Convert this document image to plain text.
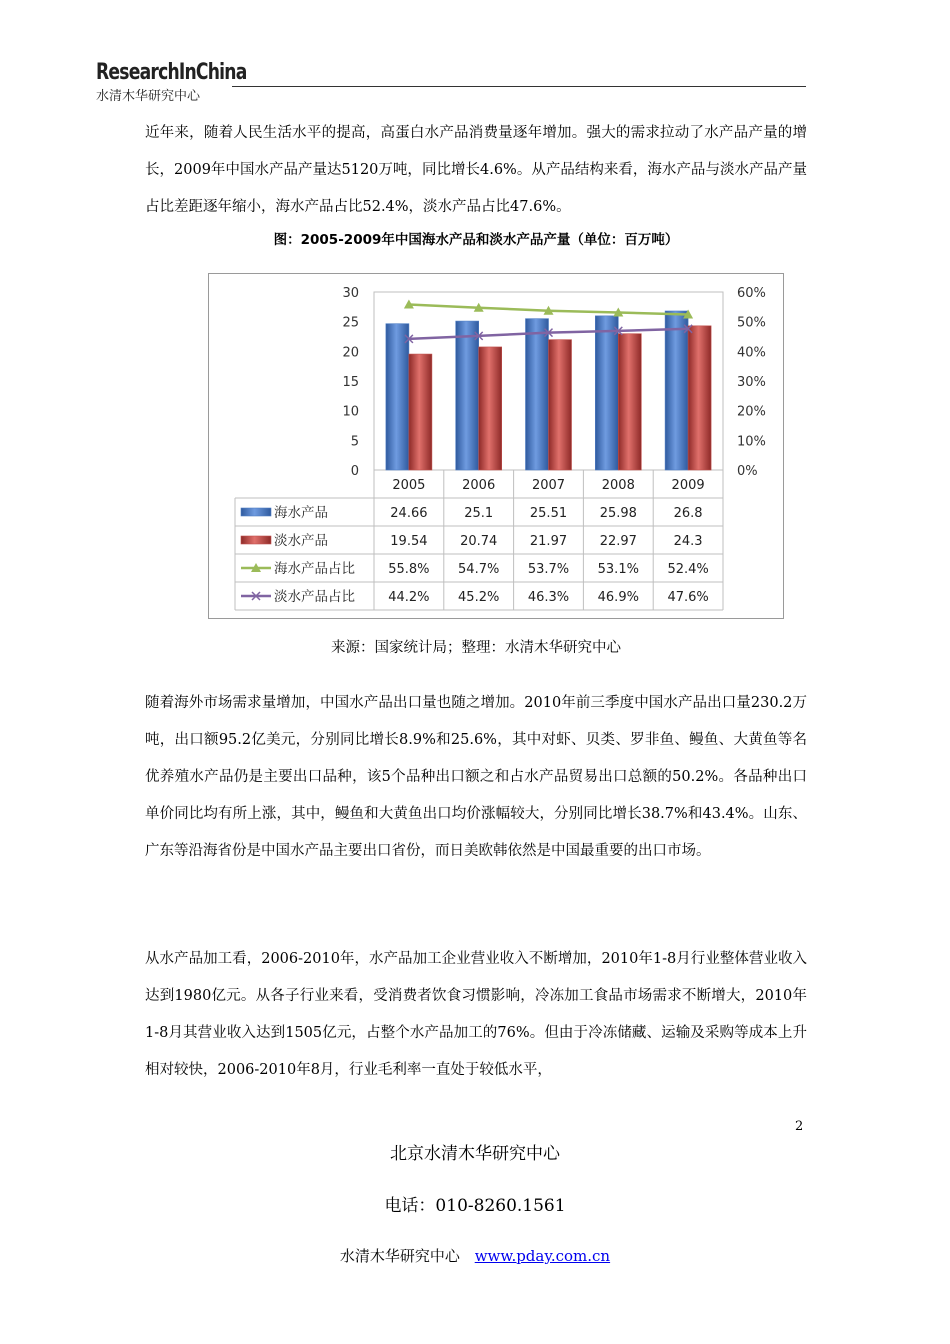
ResearchInChina
水清木华研究中心

近年来，随着人民生活水平的提高，高蛋白水产品消费量逐年增加。强大的需求拉动了水产品产量的增长，2009年中国水产品产量达5120万吨，同比增长4.6%。从产品结构来看，海水产品与淡水产品产量占比差距逐年缩小，海水产品占比52.4%，淡水产品占比47.6%。

图：2005-2009年中国海水产品和淡水产品产量（单位：百万吨）
0
5
10
15
20
25
30
0%
10%
20%
30%
40%
50%
60%
2005	2006	2007	2008	2009
海水产品	24.66	25.1	25.51	25.98	26.8
淡水产品	19.54	20.74	21.97	22.97	24.3
海水产品占比	55.8% 54.7% 53.7% 53.1% 52.4%
淡水产品占比	44.2% 45.2% 46.3% 46.9% 47.6%
来源：国家统计局；整理：水清木华研究中心

随着海外市场需求量增加，中国水产品出口量也随之增加。2010年前三季度中国水产品出口量230.2万吨，出口额95.2亿美元，分别同比增长8.9%和25.6%，其中对虾、贝类、罗非鱼、鳗鱼、大黄鱼等名优养殖水产品仍是主要出口品种，该5个品种出口额之和占水产品贸易出口总额的50.2%。各品种出口单价同比均有所上涨，其中，鳗鱼和大黄鱼出口均价涨幅较大，分别同比增长38.7%和43.4%。山东、广东等沿海省份是中国水产品主要出口省份，而日美欧韩依然是中国最重要的出口市场。

从水产品加工看，2006-2010年，水产品加工企业营业收入不断增加，2010年1-8月行业整体营业收入达到1980亿元。从各子行业来看，受消费者饮食习惯影响，冷冻加工食品市场需求不断增大，2010年1-8月其营业收入达到1505亿元，占整个水产品加工的76%。但由于冷冻储藏、运输及采购等成本上升相对较快，2006-2010年8月，行业毛利率一直处于较低水平，

2
北京水清木华研究中心
电话：010-8260.1561
水清木华研究中心 www.pday.com.cn
